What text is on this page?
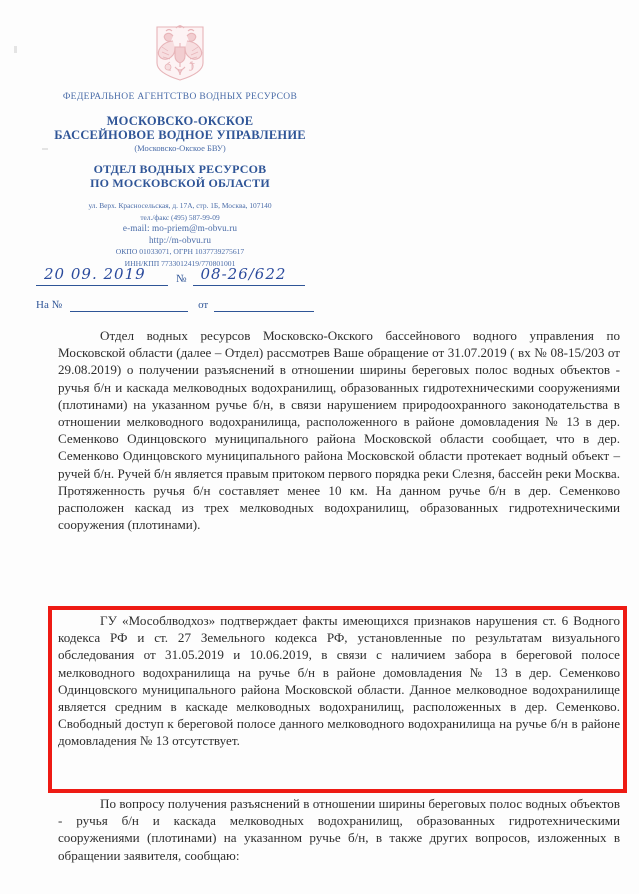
ФЕДЕРАЛЬНОЕ АГЕНТСТВО ВОДНЫХ РЕСУРСОВ
МОСКОВСКО-ОКСКОЕ
БАССЕЙНОВОЕ ВОДНОЕ УПРАВЛЕНИЕ
(Московско-Окское БВУ)
ОТДЕЛ ВОДНЫХ РЕСУРСОВ
ПО МОСКОВСКОЙ ОБЛАСТИ
ул. Верх. Красносельская, д. 17А, стр. 1Б, Москва, 107140
тел./факс (495) 587-99-09
e-mail: mo-priem@m-obvu.ru
http://m-obvu.ru
ОКПО 01033071, ОГРН 1037739275617
ИНН/КПП 7733012419/770801001
20 09. 2019	№ 08-26/622
На №	от

Отдел водных ресурсов Московско-Окского бассейнового водного управления по Московской области (далее – Отдел) рассмотрев Ваше обращение от 31.07.2019 ( вх № 08-15/203 от 29.08.2019) о получении разъяснений в отношении ширины береговых полос водных объектов - ручья б/н и каскада мелководных водохранилищ, образованных гидротехническими сооружениями (плотинами) на указанном ручье б/н, в связи нарушением природоохранного законодательства в отношении мелководного водохранилища, расположенного в районе домовладения № 13 в дер. Семенково Одинцовского муниципального района Московской области сообщает, что в дер. Семенково Одинцовского муниципального района Московской области протекает водный объект – ручей б/н. Ручей б/н является правым притоком первого порядка реки Слезня, бассейн реки Москва. Протяженность ручья б/н составляет менее 10 км. На данном ручье б/н в дер. Семенково расположен каскад из трех мелководных водохранилищ, образованных гидротехническими сооружения (плотинами).

ГУ «Мособлводхоз» подтверждает факты имеющихся признаков нарушения ст. 6 Водного кодекса РФ и ст. 27 Земельного кодекса РФ, установленные по результатам визуального обследования от 31.05.2019 и 10.06.2019, в связи с наличием забора в береговой полосе мелководного водохранилища на ручье б/н в районе домовладения № 13 в дер. Семенково Одинцовского муниципального района Московской области. Данное мелководное водохранилище является средним в каскаде мелководных водохранилищ, расположенных в дер. Семенково. Свободный доступ к береговой полосе данного мелководного водохранилища на ручье б/н в районе домовладения № 13 отсутствует.

По вопросу получения разъяснений в отношении ширины береговых полос водных объектов - ручья б/н и каскада мелководных водохранилищ, образованных гидротехническими сооружениями (плотинами) на указанном ручье б/н, в также других вопросов, изложенных в обращении заявителя, сообщаю:
